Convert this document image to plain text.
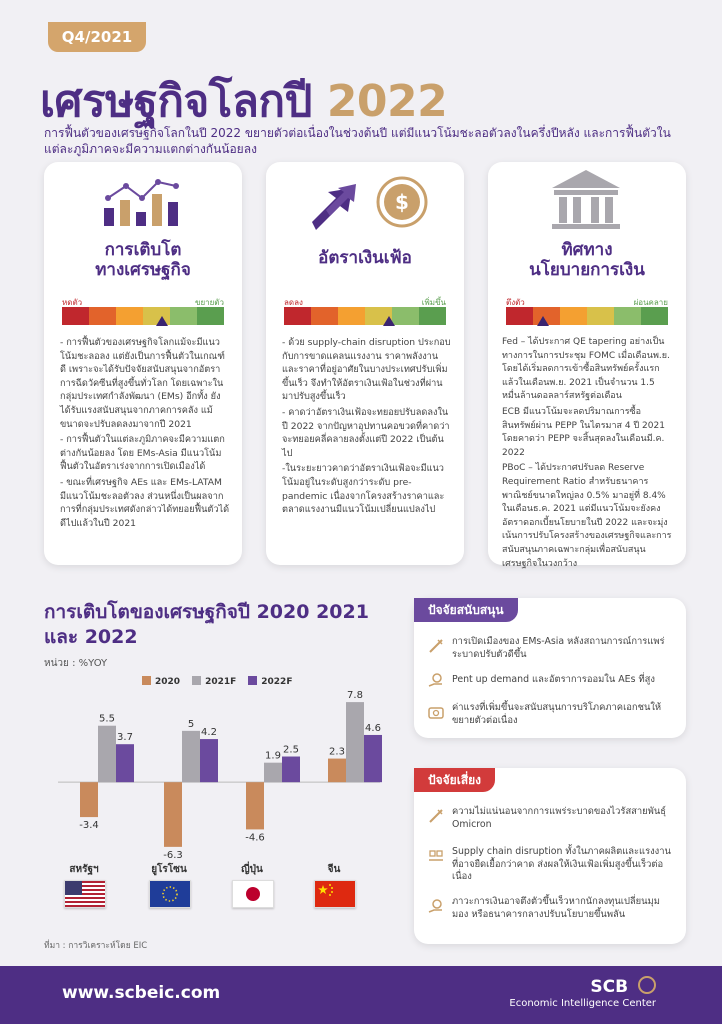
Q4/2021
เศรษฐกิจโลกปี 2022
การฟื้นตัวของเศรษฐกิจโลกในปี 2022 ขยายตัวต่อเนื่องในช่วงต้นปี แต่มีแนวโน้มชะลอตัวลงในครึ่งปีหลัง และการฟื้นตัวในแต่ละภูมิภาคจะมีความแตกต่างกันน้อยลง
การเติบโต
ทางเศรษฐกิจ
หดตัว	ขยายตัว

- การฟื้นตัวของเศรษฐกิจโลกแม้จะมีแนวโน้มชะลอลง แต่ยังเป็นการฟื้นตัวในเกณฑ์ดี เพราะจะได้รับปัจจัยสนับสนุนจากอัตราการฉีดวัคซีนที่สูงขึ้นทั่วโลก โดยเฉพาะในกลุ่มประเทศกำลังพัฒนา (EMs) อีกทั้ง ยังได้รับแรงสนับสนุนจากภาคการคลัง แม้ขนาดจะปรับลดลงมาจากปี 2021

- การฟื้นตัวในแต่ละภูมิภาคจะมีความแตกต่างกันน้อยลง โดย EMs-Asia มีแนวโน้มฟื้นตัวในอัตราเร่งจากการเปิดเมืองได้

- ขณะที่เศรษฐกิจ AEs และ EMs-LATAM มีแนวโน้มชะลอตัวลง ส่วนหนึ่งเป็นผลจากการที่กลุ่มประเทศดังกล่าวได้ทยอยฟื้นตัวได้ดีไปแล้วในปี 2021

$
อัตราเงินเฟ้อ
ลดลง	เพิ่มขึ้น

- ด้วย supply-chain disruption ประกอบกับการขาดแคลนแรงงาน ราคาพลังงานและราคาที่อยู่อาศัยในบางประเทศปรับเพิ่มขึ้นเร็ว จึงทำให้อัตราเงินเฟ้อในช่วงที่ผ่านมาปรับสูงขึ้นเร็ว

- คาดว่าอัตราเงินเฟ้อจะทยอยปรับลดลงในปี 2022 จากปัญหาอุปทานคอขวดที่คาดว่าจะทยอยคลี่คลายลงตั้งแต่ปี 2022 เป็นต้นไป

-ในระยะยาวคาดว่าอัตราเงินเฟ้อจะมีแนวโน้มอยู่ในระดับสูงกว่าระดับ pre-pandemic เนื่องจากโครงสร้างราคาและตลาดแรงงานมีแนวโน้มเปลี่ยนแปลงไป

ทิศทาง
นโยบายการเงิน
ตึงตัว	ผ่อนคลาย

Fed – ได้ประกาศ QE tapering อย่างเป็นทางการในการประชุม FOMC เมื่อเดือนพ.ย. โดยได้เริ่มลดการเข้าซื้อสินทรัพย์ครั้งแรกแล้วในเดือนพ.ย. 2021 เป็นจำนวน 1.5 หมื่นล้านดอลลาร์สหรัฐต่อเดือน

ECB มีแนวโน้มจะลดปริมาณการซื้อสินทรัพย์ผ่าน PEPP ในไตรมาส 4 ปี 2021 โดยคาดว่า PEPP จะสิ้นสุดลงในเดือนมี.ค. 2022

PBoC – ได้ประกาศปรับลด Reserve Requirement Ratio สำหรับธนาคารพาณิชย์ขนาดใหญ่ลง 0.5% มาอยู่ที่ 8.4% ในเดือนธ.ค. 2021 แต่มีแนวโน้มจะยังคงอัตราดอกเบี้ยนโยบายในปี 2022 และจะมุ่งเน้นการปรับโครงสร้างของเศรษฐกิจและการสนับสนุนภาคเฉพาะกลุ่มเพื่อสนับสนุนเศรษฐกิจในวงกว้าง

การเติบโตของเศรษฐกิจปี 2020 2021 และ 2022
หน่วย : %YOY
2020	2021F	2022F
-3.4
-6.3
-4.6
2.3
5.5	5
1.9
7.8
3.7	4.2
2.5
4.6
สหรัฐฯ	ยูโรโซน	ญี่ปุ่น	จีน
ที่มา : การวิเคราะห์โดย EIC
ปัจจัยสนับสนุน
การเปิดเมืองของ EMs-Asia หลังสถานการณ์การแพร่ระบาดปรับตัวดีขึ้น
Pent up demand และอัตราการออมใน AEs ที่สูง
ค่าแรงที่เพิ่มขึ้นจะสนับสนุนการบริโภคภาคเอกชนให้ขยายตัวต่อเนื่อง
ปัจจัยเสี่ยง
ความไม่แน่นอนจากการแพร่ระบาดของไวรัสสายพันธุ์ Omicron
Supply chain disruption ทั้งในภาคผลิตและแรงงานที่อาจยืดเยื้อกว่าคาด ส่งผลให้เงินเฟ้อเพิ่มสูงขึ้นเร็วต่อเนื่อง
ภาวะการเงินอาจตึงตัวขึ้นเร็วหากนักลงทุนเปลี่ยนมุมมอง หรือธนาคารกลางปรับนโยบายขึ้นพลัน
www.scbeic.com	SCB
Economic Intelligence Center
